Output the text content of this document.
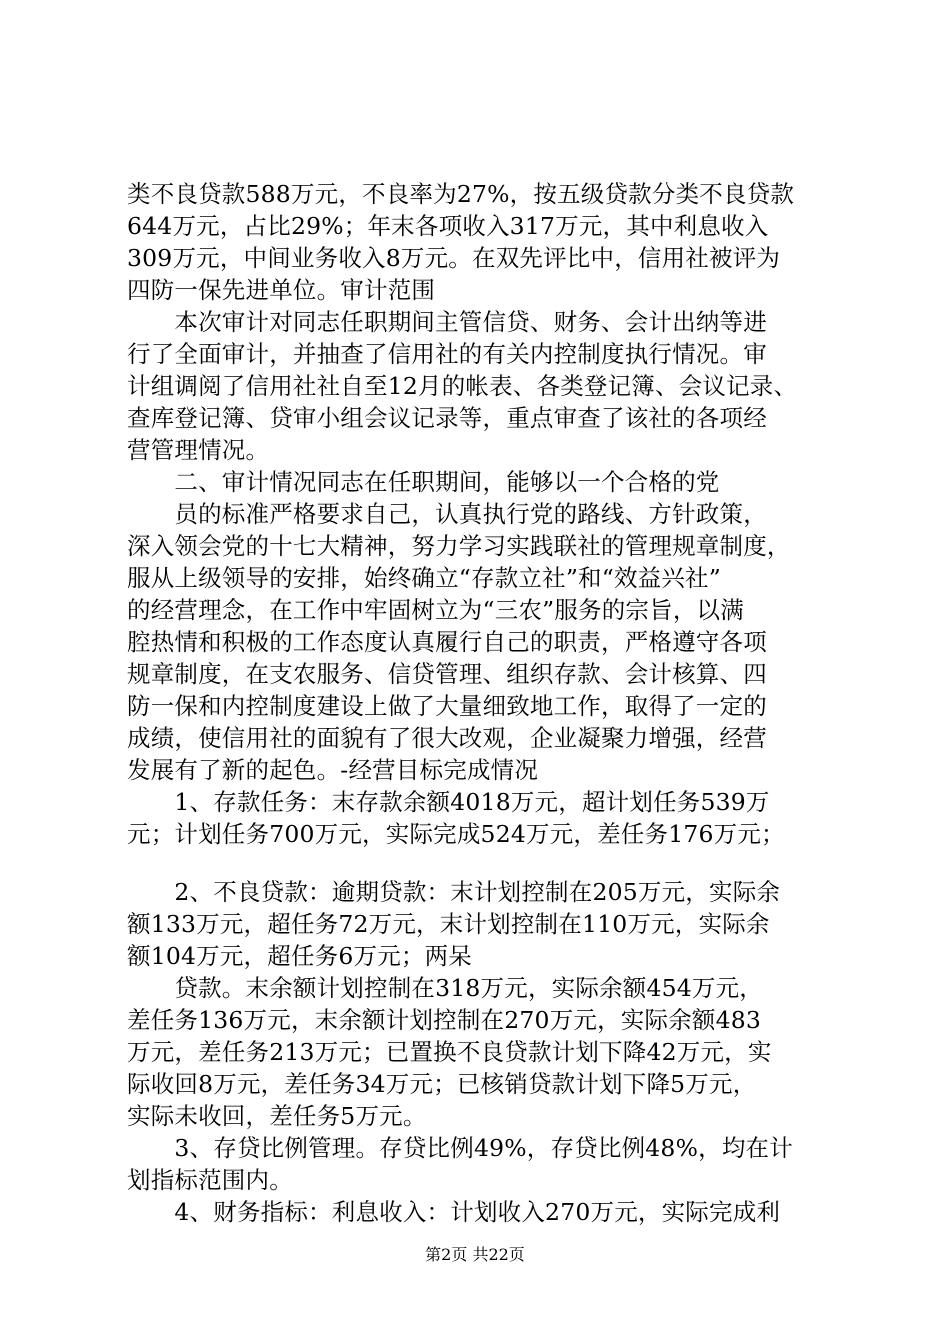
类不良贷款588万元，不良率为27%，按五级贷款分类不良贷款
644万元，占比29%；年末各项收入317万元，其中利息收入
309万元，中间业务收入8万元。在双先评比中，信用社被评为
四防一保先进单位。审计范围
　　本次审计对同志任职期间主管信贷、财务、会计出纳等进
行了全面审计，并抽查了信用社的有关内控制度执行情况。审
计组调阅了信用社社自至12月的帐表、各类登记簿、会议记录、
查库登记簿、贷审小组会议记录等，重点审查了该社的各项经
营管理情况。
　　二、审计情况同志在任职期间，能够以一个合格的党
　　员的标准严格要求自己，认真执行党的路线、方针政策，
深入领会党的十七大精神，努力学习实践联社的管理规章制度，
服从上级领导的安排，始终确立“存款立社”和“效益兴社”
的经营理念，在工作中牢固树立为“三农”服务的宗旨，以满
腔热情和积极的工作态度认真履行自己的职责，严格遵守各项
规章制度，在支农服务、信贷管理、组织存款、会计核算、四
防一保和内控制度建设上做了大量细致地工作，取得了一定的
成绩，使信用社的面貌有了很大改观，企业凝聚力增强，经营
发展有了新的起色。-经营目标完成情况
　　1、存款任务：末存款余额4018万元，超计划任务539万
元；计划任务700万元，实际完成524万元，差任务176万元；
　　2、不良贷款：逾期贷款：末计划控制在205万元，实际余
额133万元，超任务72万元，末计划控制在110万元，实际余
额104万元，超任务6万元；两呆
　　贷款。末余额计划控制在318万元，实际余额454万元，
差任务136万元，末余额计划控制在270万元，实际余额483
万元，差任务213万元；已置换不良贷款计划下降42万元，实
际收回8万元，差任务34万元；已核销贷款计划下降5万元，
实际未收回，差任务5万元。
　　3、存贷比例管理。存贷比例49%，存贷比例48%，均在计
划指标范围内。
　　4、财务指标：利息收入：计划收入270万元，实际完成利
第2页 共22页
